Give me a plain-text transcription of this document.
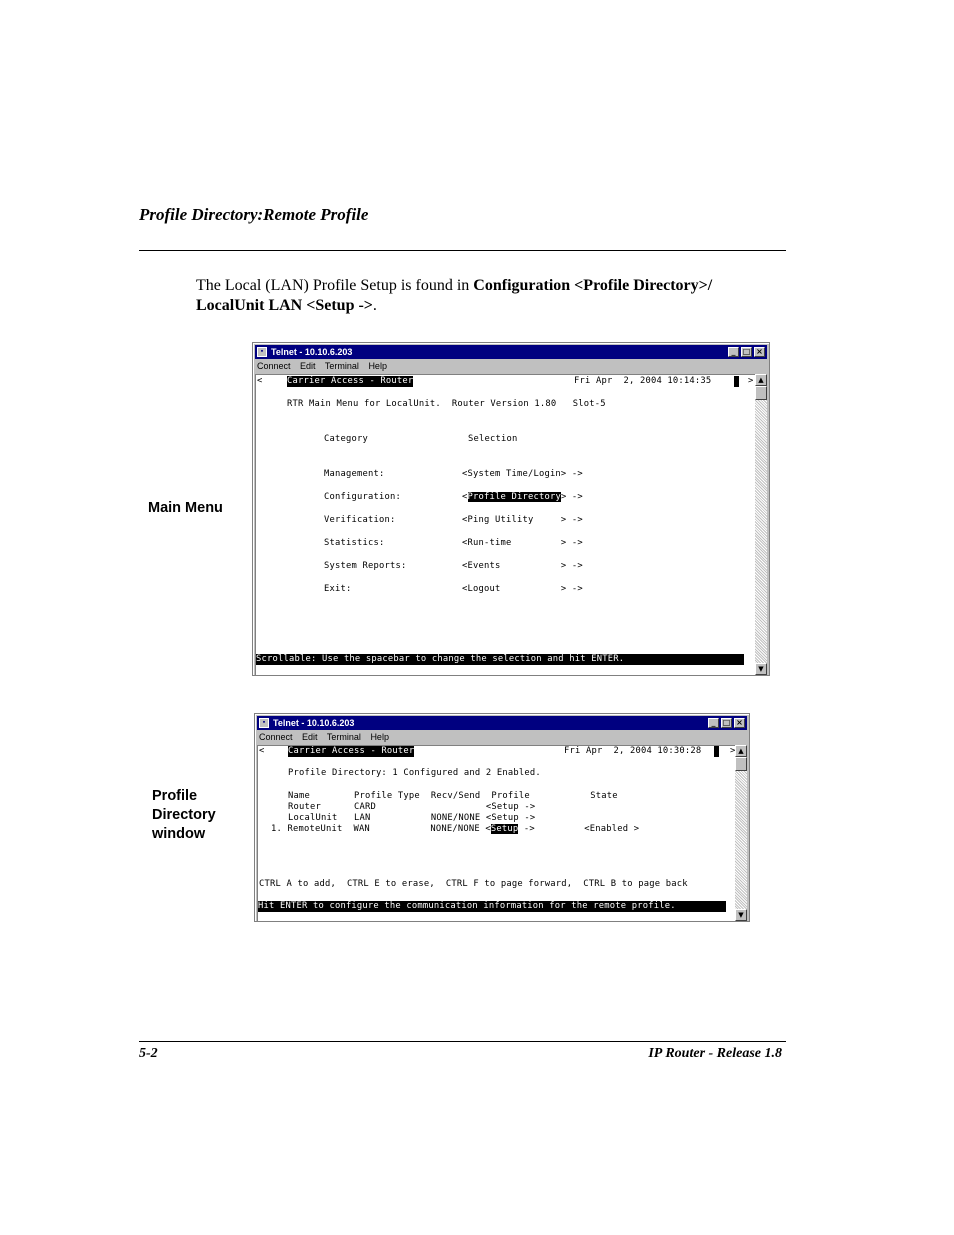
Profile Directory:Remote Profile
The Local (LAN) Profile Setup is found in Configuration <Profile Directory>/ LocalUnit LAN <Setup ->.
Main Menu
Profile
Directory
window
▪ Telnet - 10.10.6.203	_ □ ×
Connect Edit Terminal Help
<	Carrier Access - Router	Fri Apr  2, 2004 10:14:35
	>
RTR Main Menu for LocalUnit.  Router Version 1.80   Slot-5
Category	Selection
Management:	<System Time/Login> ->
Configuration:	<Profile Directory> ->
Verification:	<Ping Utility     > ->
Statistics:	<Run-time         > ->
System Reports:	<Events           > ->
Exit:	<Logout           > ->
Scrollable: Use the spacebar to change the selection and hit ENTER.
▲
▼
▪ Telnet - 10.10.6.203	_ □ ×
Connect Edit Terminal Help
<	Carrier Access - Router	Fri Apr  2, 2004 10:30:28
	>
Profile Directory: 1 Configured and 2 Enabled.
Name        Profile Type  Recv/Send  Profile           State
Router      CARD                    <Setup ->
LocalUnit   LAN           NONE/NONE <Setup ->
1. RemoteUnit  WAN           NONE/NONE <Setup ->         <Enabled >
CTRL A to add,  CTRL E to erase,  CTRL F to page forward,  CTRL B to page back
Hit ENTER to configure the communication information for the remote profile.
▲
▼
5-2	IP Router - Release 1.8
